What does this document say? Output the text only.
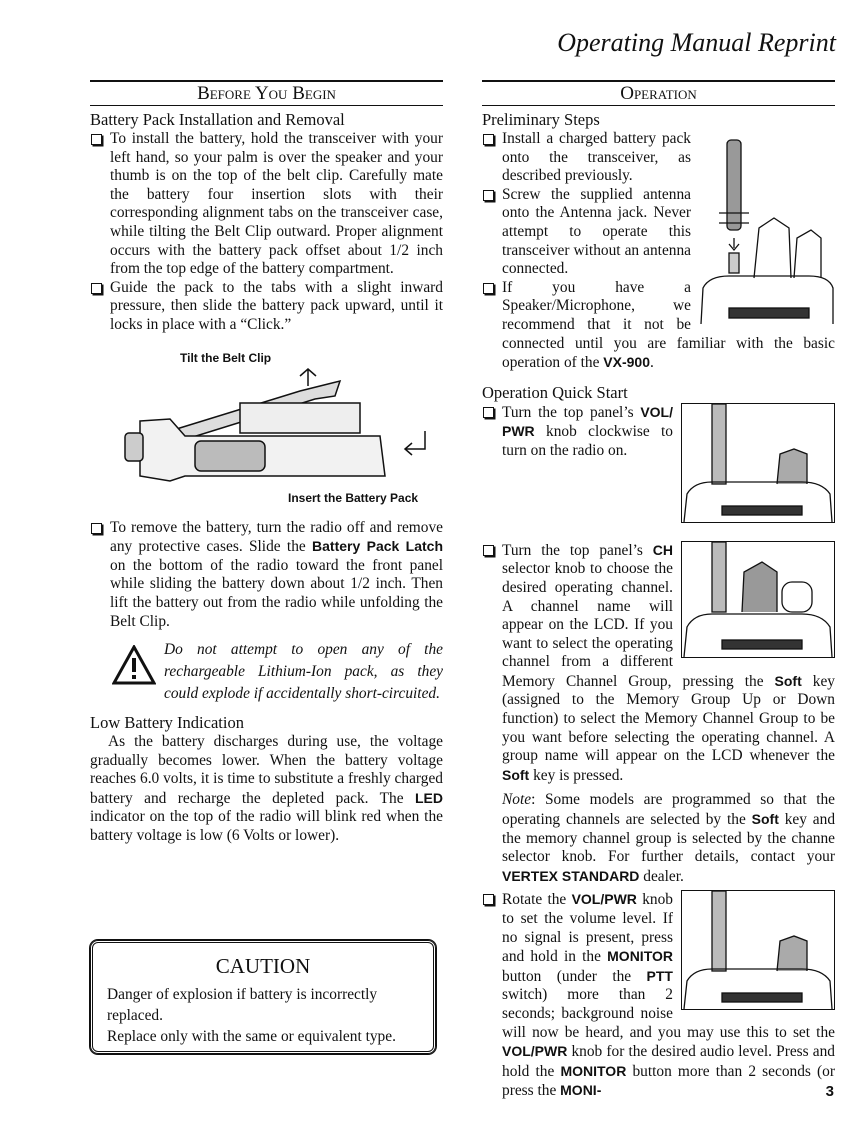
Operating Manual Reprint
Before You Begin
Battery Pack Installation and Removal

To install the battery, hold the transceiver with your left hand, so your palm is over the speaker and your thumb is on the top of the belt clip. Carefully mate the battery four insertion slots with their corresponding alignment tabs on the transceiver case, while tilting the Belt Clip outward. Proper alignment occurs with the battery pack offset about 1/2 inch from the top edge of the battery compartment.

Guide the pack to the tabs with a slight inward pressure, then slide the battery pack upward, until it locks in place with a “Click.”

Tilt the Belt Clip
Insert the Battery Pack

To remove the battery, turn the radio off and remove any protective cases. Slide the Battery Pack Latch on the bottom of the radio toward the front panel while sliding the battery down about 1/2 inch. Then lift the battery out from the radio while unfolding the Belt Clip.

Do not attempt to open any of the rechargeable Lithium-Ion pack, as they could explode if accidentally short-circuited.

Low Battery Indication

As the battery discharges during use, the voltage gradually becomes lower. When the battery voltage reaches 6.0 volts, it is time to substitute a freshly charged battery and recharge the depleted pack. The LED indicator on the top of the radio will blink red when the battery voltage is low (6 Volts or lower).

CAUTION
Danger of explosion if battery is incorrectly replaced.
Replace only with the same or equivalent type.
Operation
Preliminary Steps

Install a charged battery pack onto the transceiver, as described previously.

Screw the supplied antenna onto the Antenna jack. Never attempt to operate this transceiver without an antenna connected.

If you have a Speaker/Microphone, we recommend that it not be connected until you are familiar with the basic operation of the VX-900.

Operation Quick Start

Turn the top panel’s VOL/ PWR knob clockwise to turn on the radio on.

Turn the top panel’s CH selector knob to choose the desired operating channel. A channel name will appear on the LCD. If you want to select the operating channel from a different Memory Channel Group, pressing the Soft key (assigned to the Memory Group Up or Down function) to select the Memory Channel Group to be you want before selecting the operating channel. A group name will appear on the LCD whenever the Soft key is pressed.

Note: Some models are programmed so that the operating channels are selected by the Soft key and the memory channel group is selected by the channe selector knob. For further details, contact your VERTEX STANDARD dealer.

Rotate the VOL/PWR knob to set the volume level. If no signal is present, press and hold in the MONITOR button (under the PTT switch) more than 2 seconds; background noise will now be heard, and you may use this to set the VOL/PWR knob for the desired audio level. Press and hold the MONITOR button more than 2 seconds (or press the MONI-	3
